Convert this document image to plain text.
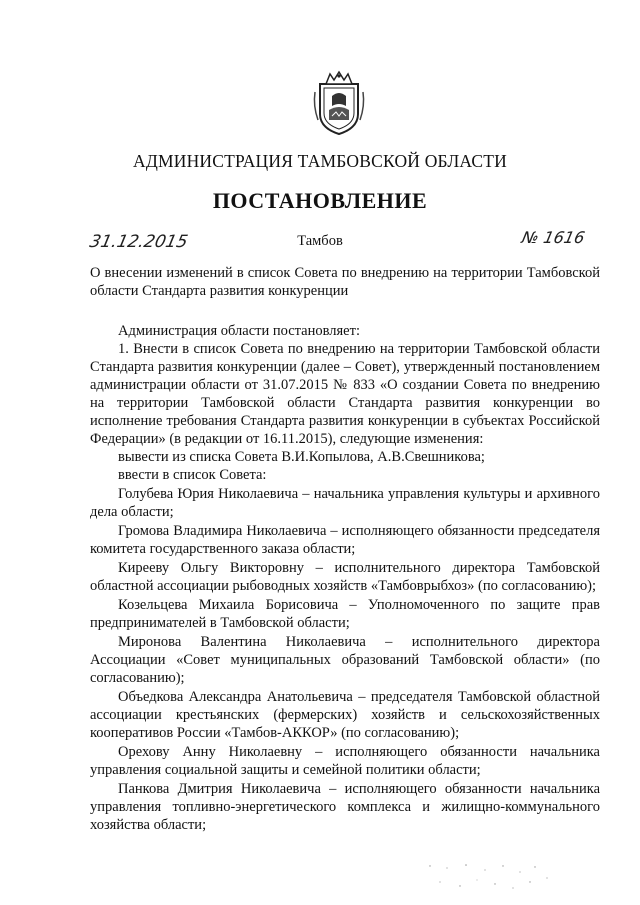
АДМИНИСТРАЦИЯ ТАМБОВСКОЙ ОБЛАСТИ
ПОСТАНОВЛЕНИЕ
31.12.2015	Тамбов	№ 1616
О внесении изменений в список Совета по внедрению на территории Тамбовской области Стандарта развития конкуренции

Администрация области постановляет:

1. Внести в список Совета по внедрению на территории Тамбовской области Стандарта развития конкуренции (далее – Совет), утвержденный постановлением администрации области от 31.07.2015 № 833 «О создании Совета по внедрению на территории Тамбовской области Стандарта развития конкуренции во исполнение требования Стандарта развития конкуренции в субъектах Российской Федерации» (в редакции от 16.11.2015), следующие изменения:

вывести из списка Совета В.И.Копылова, А.В.Свешникова;

ввести в список Совета:

Голубева Юрия Николаевича – начальника управления культуры и архивного дела области;

Громова Владимира Николаевича – исполняющего обязанности председателя комитета государственного заказа области;

Кирееву Ольгу Викторовну – исполнительного директора Тамбовской областной ассоциации рыбоводных хозяйств «Тамбоврыбхоз» (по согласованию);

Козельцева Михаила Борисовича – Уполномоченного по защите прав предпринимателей в Тамбовской области;

Миронова Валентина Николаевича – исполнительного директора Ассоциации «Совет муниципальных образований Тамбовской области» (по согласованию);

Объедкова Александра Анатольевича – председателя Тамбовской областной ассоциации крестьянских (фермерских) хозяйств и сельскохозяйственных кооперативов России «Тамбов-АККОР» (по согласованию);

Орехову Анну Николаевну – исполняющего обязанности начальника управления социальной защиты и семейной политики области;

Панкова Дмитрия Николаевича – исполняющего обязанности начальника управления топливно-энергетического комплекса и жилищно-коммунального хозяйства области;
